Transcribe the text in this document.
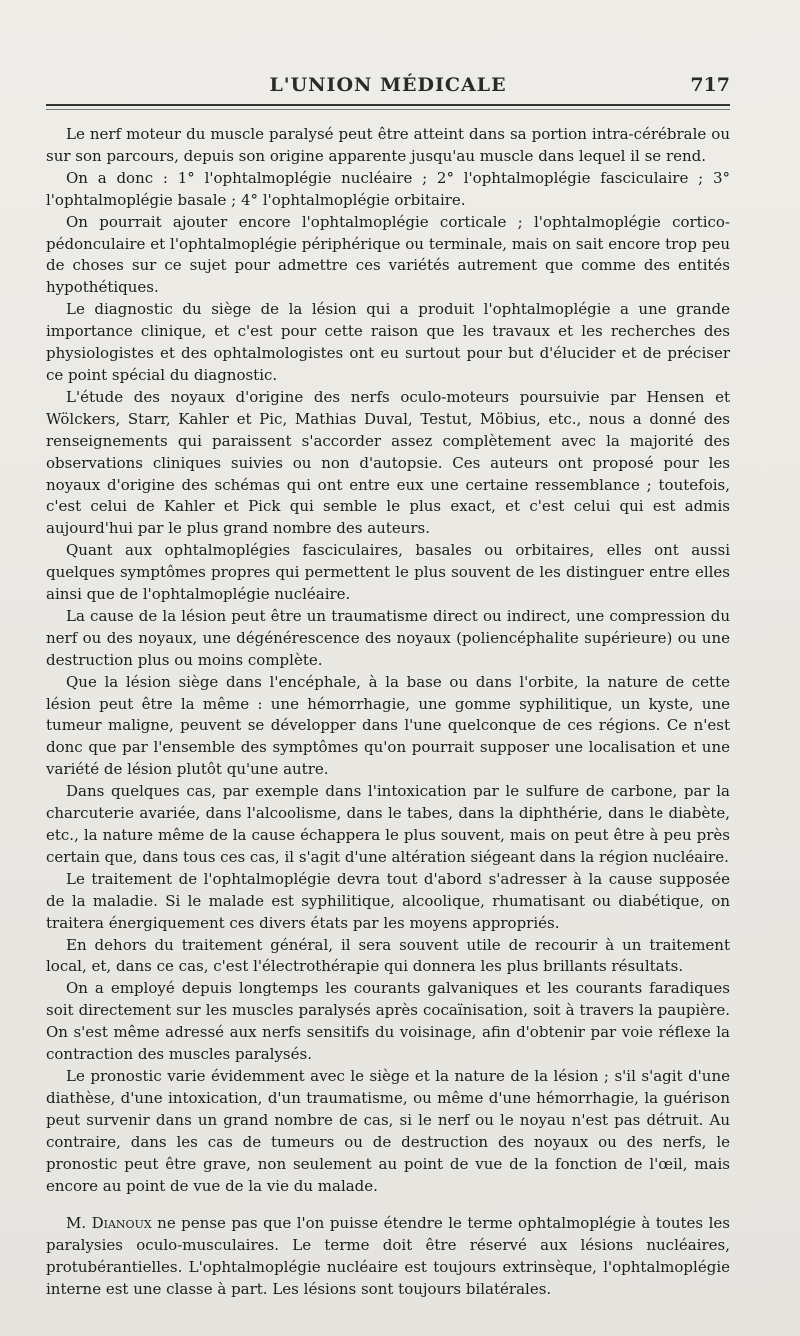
L'UNION MÉDICALE	717

Le nerf moteur du muscle paralysé peut être atteint dans sa portion intra-cérébrale ou sur son parcours, depuis son origine apparente jusqu'au muscle dans lequel il se rend.

On a donc : 1° l'ophtalmoplégie nucléaire ; 2° l'ophtalmoplégie fasciculaire ; 3° l'ophtalmoplégie basale ; 4° l'ophtalmoplégie orbitaire.

On pourrait ajouter encore l'ophtalmoplégie corticale ; l'ophtalmoplégie cortico-pédonculaire et l'ophtalmoplégie périphérique ou terminale, mais on sait encore trop peu de choses sur ce sujet pour admettre ces variétés autrement que comme des entités hypothétiques.

Le diagnostic du siège de la lésion qui a produit l'ophtalmoplégie a une grande importance clinique, et c'est pour cette raison que les travaux et les recherches des physiologistes et des ophtalmologistes ont eu surtout pour but d'élucider et de préciser ce point spécial du diagnostic.

L'étude des noyaux d'origine des nerfs oculo-moteurs poursuivie par Hensen et Wölckers, Starr, Kahler et Pic, Mathias Duval, Testut, Möbius, etc., nous a donné des renseignements qui paraissent s'accorder assez complètement avec la majorité des observations cliniques suivies ou non d'autopsie. Ces auteurs ont proposé pour les noyaux d'origine des schémas qui ont entre eux une certaine ressemblance ; toutefois, c'est celui de Kahler et Pick qui semble le plus exact, et c'est celui qui est admis aujourd'hui par le plus grand nombre des auteurs.

Quant aux ophtalmoplégies fasciculaires, basales ou orbitaires, elles ont aussi quelques symptômes propres qui permettent le plus souvent de les distinguer entre elles ainsi que de l'ophtalmoplégie nucléaire.

La cause de la lésion peut être un traumatisme direct ou indirect, une compression du nerf ou des noyaux, une dégénérescence des noyaux (poliencéphalite supérieure) ou une destruction plus ou moins complète.

Que la lésion siège dans l'encéphale, à la base ou dans l'orbite, la nature de cette lésion peut être la même : une hémorrhagie, une gomme syphilitique, un kyste, une tumeur maligne, peuvent se développer dans l'une quelconque de ces régions. Ce n'est donc que par l'ensemble des symptômes qu'on pourrait supposer une localisation et une variété de lésion plutôt qu'une autre.

Dans quelques cas, par exemple dans l'intoxication par le sulfure de carbone, par la charcuterie avariée, dans l'alcoolisme, dans le tabes, dans la diphthérie, dans le diabète, etc., la nature même de la cause échappera le plus souvent, mais on peut être à peu près certain que, dans tous ces cas, il s'agit d'une altération siégeant dans la région nucléaire.

Le traitement de l'ophtalmoplégie devra tout d'abord s'adresser à la cause supposée de la maladie. Si le malade est syphilitique, alcoolique, rhumatisant ou diabétique, on traitera énergiquement ces divers états par les moyens appropriés.

En dehors du traitement général, il sera souvent utile de recourir à un traitement local, et, dans ce cas, c'est l'électrothérapie qui donnera les plus brillants résultats.

On a employé depuis longtemps les courants galvaniques et les courants faradiques soit directement sur les muscles paralysés après cocaïnisation, soit à travers la paupière. On s'est même adressé aux nerfs sensitifs du voisinage, afin d'obtenir par voie réflexe la contraction des muscles paralysés.

Le pronostic varie évidemment avec le siège et la nature de la lésion ; s'il s'agit d'une diathèse, d'une intoxication, d'un traumatisme, ou même d'une hémorrhagie, la guérison peut survenir dans un grand nombre de cas, si le nerf ou le noyau n'est pas détruit. Au contraire, dans les cas de tumeurs ou de destruction des noyaux ou des nerfs, le pronostic peut être grave, non seulement au point de vue de la fonction de l'œil, mais encore au point de vue de la vie du malade.

M. Dianoux ne pense pas que l'on puisse étendre le terme ophtalmoplégie à toutes les paralysies oculo-musculaires. Le terme doit être réservé aux lésions nucléaires, protubérantielles. L'ophtalmoplégie nucléaire est toujours extrinsèque, l'ophtalmoplégie interne est une classe à part. Les lésions sont toujours bilatérales.
